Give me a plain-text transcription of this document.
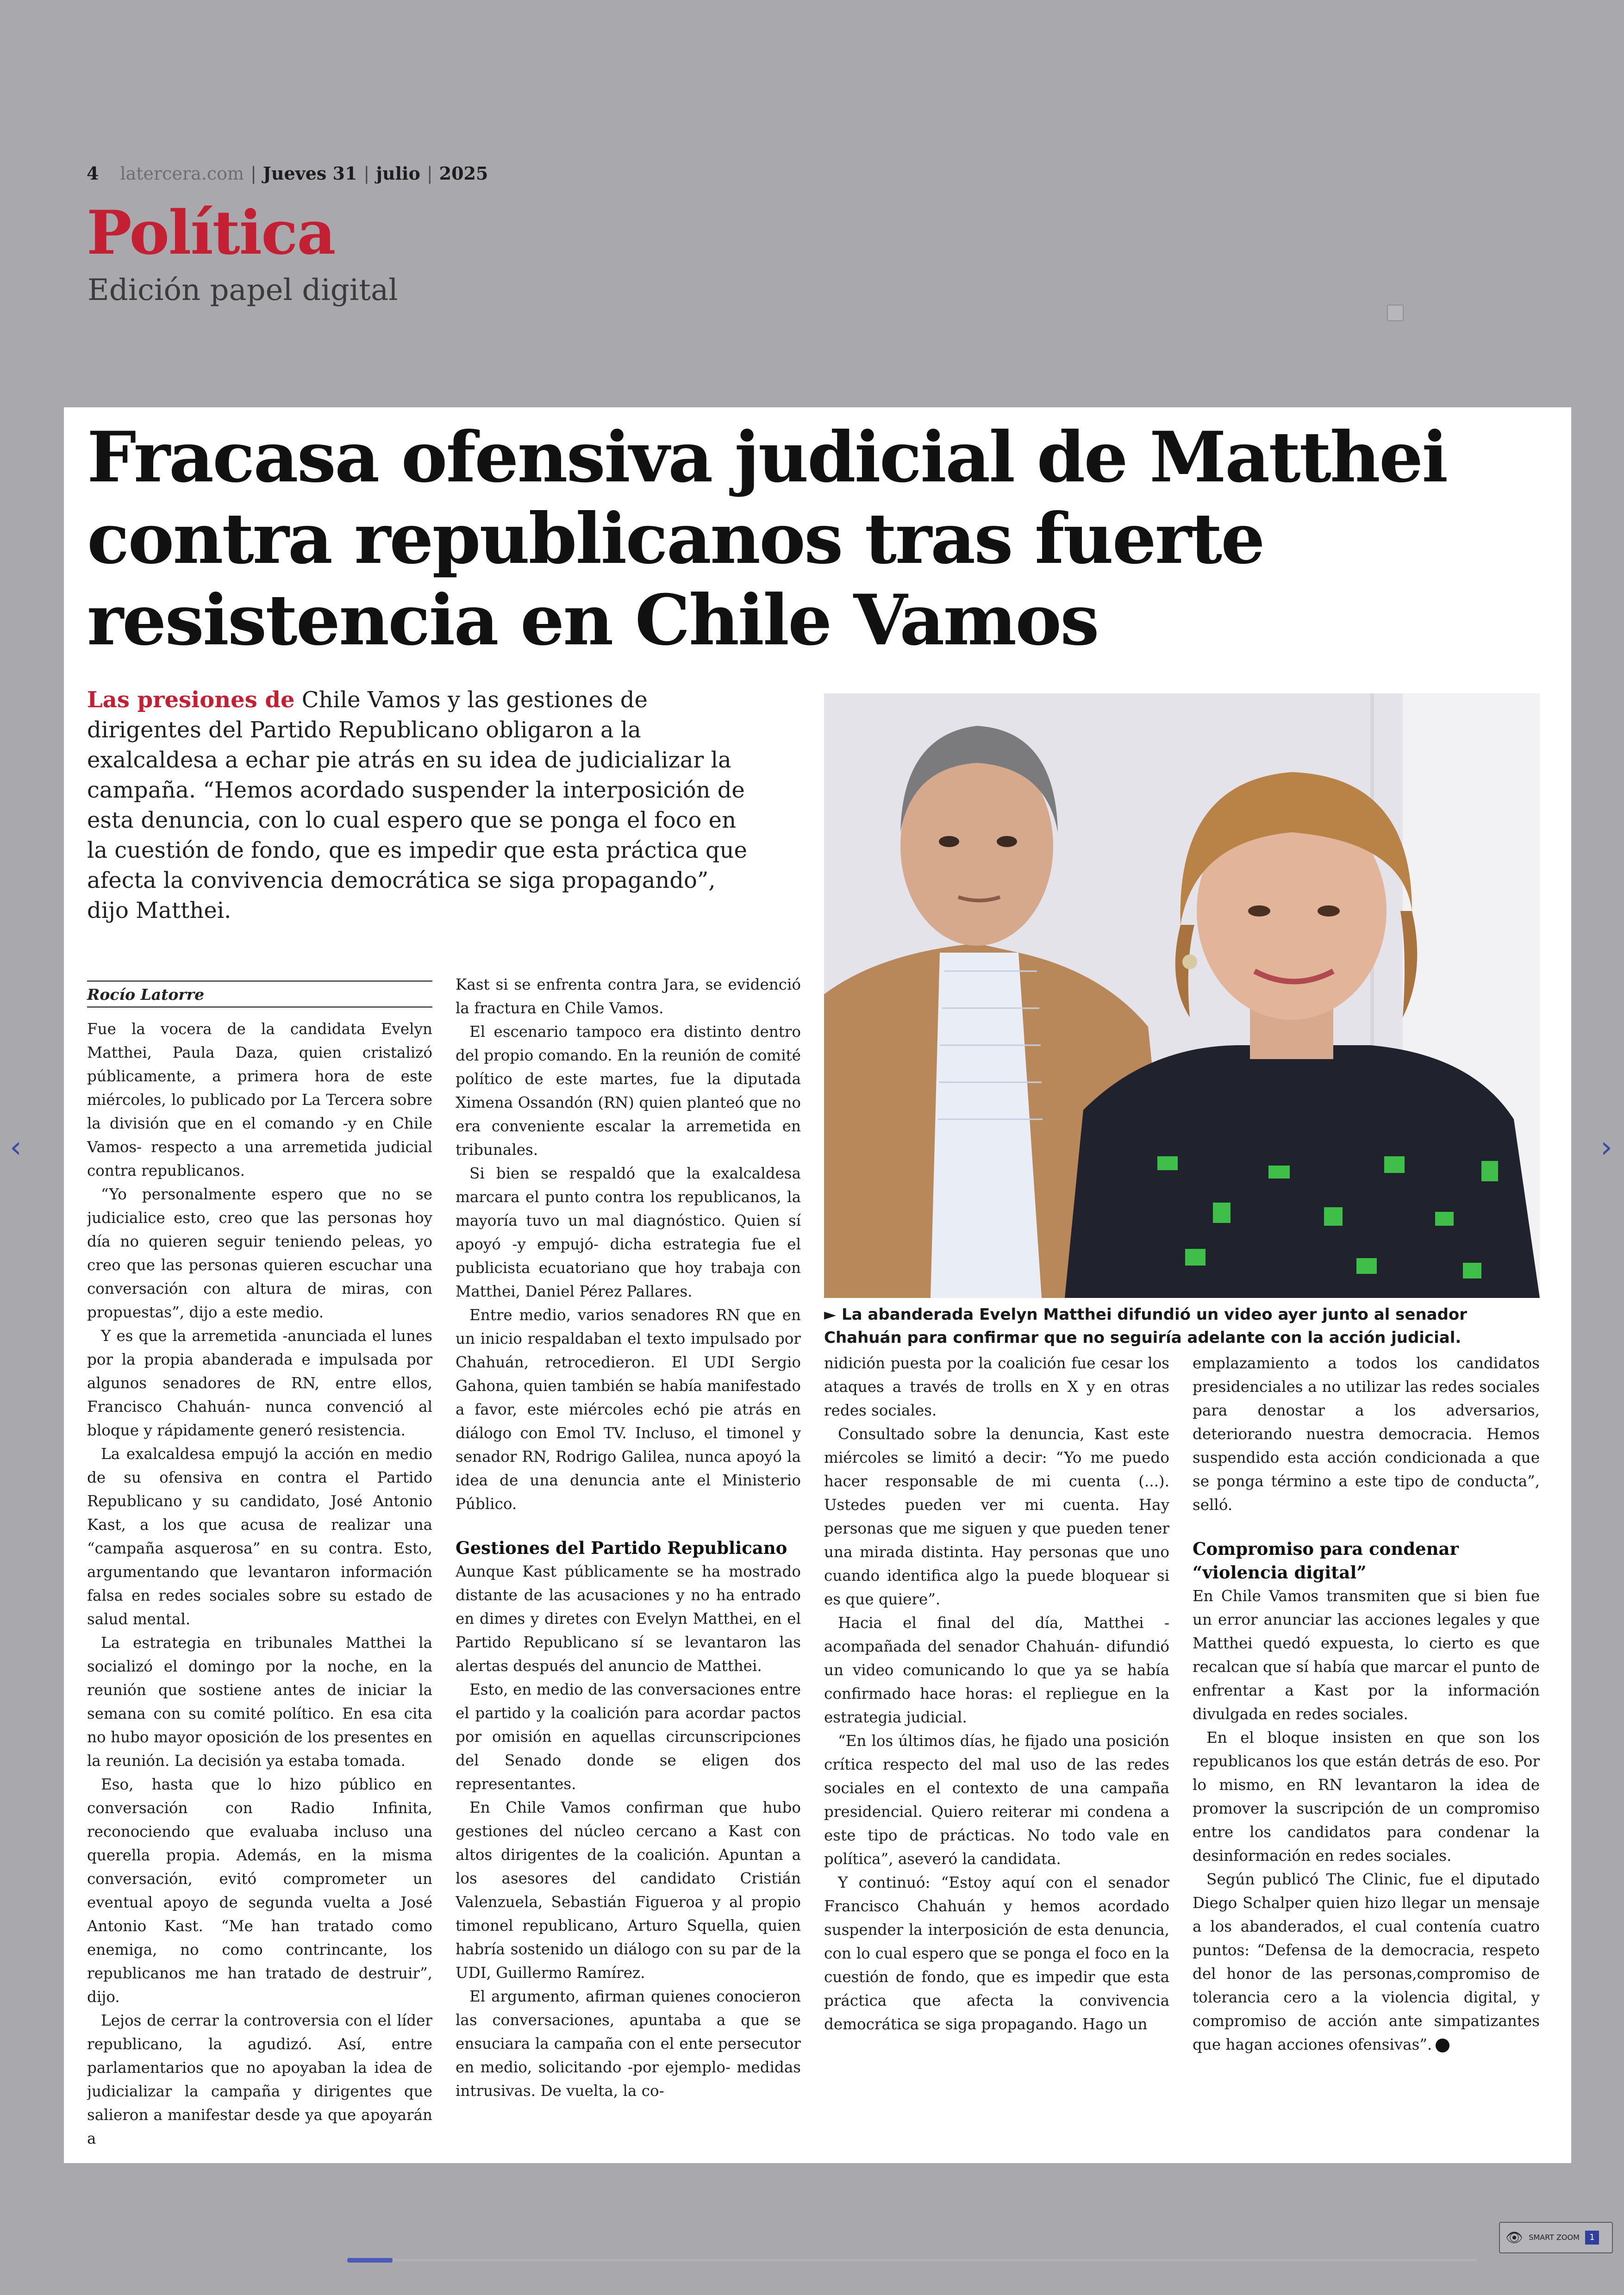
4 latercera.com | Jueves 31 | julio | 2025
Política
Edición papel digital
Fracasa ofensiva judicial de Matthei contra republicanos tras fuerte resistencia en Chile Vamos

Las presiones de Chile Vamos y las gestiones de dirigentes del Partido Republicano obligaron a la exalcaldesa a echar pie atrás en su idea de judicializar la campaña. “Hemos acordado suspender la interposición de esta denuncia, con lo cual espero que se ponga el foco en la cuestión de fondo, que es impedir que esta práctica que afecta la convivencia democrática se siga propagando”, dijo Matthei.

► La abanderada Evelyn Matthei difundió un video ayer junto al senador Chahuán para confirmar que no seguiría adelante con la acción judicial.

Rocío Latorre

Fue la vocera de la candidata Evelyn Matthei, Paula Daza, quien cristalizó públicamente, a primera hora de este miércoles, lo publicado por La Tercera sobre la división que en el comando -y en Chile Vamos- respecto a una arremetida judicial contra republicanos.

“Yo personalmente espero que no se judicialice esto, creo que las personas hoy día no quieren seguir teniendo peleas, yo creo que las personas quieren escuchar una conversación con altura de miras, con propuestas”, dijo a este medio.

Y es que la arremetida -anunciada el lunes por la propia abanderada e impulsada por algunos senadores de RN, entre ellos, Francisco Chahuán- nunca convenció al bloque y rápidamente generó resistencia.

La exalcaldesa empujó la acción en medio de su ofensiva en contra el Partido Republicano y su candidato, José Antonio Kast, a los que acusa de realizar una “campaña asquerosa” en su contra. Esto, argumentando que levantaron información falsa en redes sociales sobre su estado de salud mental.

La estrategia en tribunales Matthei la socializó el domingo por la noche, en la reunión que sostiene antes de iniciar la semana con su comité político. En esa cita no hubo mayor oposición de los presentes en la reunión. La decisión ya estaba tomada.

Eso, hasta que lo hizo público en conversación con Radio Infinita, reconociendo que evaluaba incluso una querella propia. Además, en la misma conversación, evitó comprometer un eventual apoyo de segunda vuelta a José Antonio Kast. “Me han tratado como enemiga, no como contrincante, los republicanos me han tratado de destruir”, dijo.

Lejos de cerrar la controversia con el líder republicano, la agudizó. Así, entre parlamentarios que no apoyaban la idea de judicializar la campaña y dirigentes que salieron a manifestar desde ya que apoyarán a

Kast si se enfrenta contra Jara, se evidenció la fractura en Chile Vamos.

El escenario tampoco era distinto dentro del propio comando. En la reunión de comité político de este martes, fue la diputada Ximena Ossandón (RN) quien planteó que no era conveniente escalar la arremetida en tribunales.

Si bien se respaldó que la exalcaldesa marcara el punto contra los republicanos, la mayoría tuvo un mal diagnóstico. Quien sí apoyó -y empujó- dicha estrategia fue el publicista ecuatoriano que hoy trabaja con Matthei, Daniel Pérez Pallares.

Entre medio, varios senadores RN que en un inicio respaldaban el texto impulsado por Chahuán, retrocedieron. El UDI Sergio Gahona, quien también se había manifestado a favor, este miércoles echó pie atrás en diálogo con Emol TV. Incluso, el timonel y senador RN, Rodrigo Galilea, nunca apoyó la idea de una denuncia ante el Ministerio Público.

Gestiones del Partido Republicano

Aunque Kast públicamente se ha mostrado distante de las acusaciones y no ha entrado en dimes y diretes con Evelyn Matthei, en el Partido Republicano sí se levantaron las alertas después del anuncio de Matthei.

Esto, en medio de las conversaciones entre el partido y la coalición para acordar pactos por omisión en aquellas circunscripciones del Senado donde se eligen dos representantes.

En Chile Vamos confirman que hubo gestiones del núcleo cercano a Kast con altos dirigentes de la coalición. Apuntan a los asesores del candidato Cristián Valenzuela, Sebastián Figueroa y al propio timonel republicano, Arturo Squella, quien habría sostenido un diálogo con su par de la UDI, Guillermo Ramírez.

El argumento, afirman quienes conocieron las conversaciones, apuntaba a que se ensuciara la campaña con el ente persecutor en medio, solicitando -por ejemplo- medidas intrusivas. De vuelta, la co-

nidición puesta por la coalición fue cesar los ataques a través de trolls en X y en otras redes sociales.

Consultado sobre la denuncia, Kast este miércoles se limitó a decir: “Yo me puedo hacer responsable de mi cuenta (...). Ustedes pueden ver mi cuenta. Hay personas que me siguen y que pueden tener una mirada distinta. Hay personas que uno cuando identifica algo la puede bloquear si es que quiere”.

Hacia el final del día, Matthei -acompañada del senador Chahuán- difundió un video comunicando lo que ya se había confirmado hace horas: el repliegue en la estrategia judicial.

“En los últimos días, he fijado una posición crítica respecto del mal uso de las redes sociales en el contexto de una campaña presidencial. Quiero reiterar mi condena a este tipo de prácticas. No todo vale en política”, aseveró la candidata.

Y continuó: “Estoy aquí con el senador Francisco Chahuán y hemos acordado suspender la interposición de esta denuncia, con lo cual espero que se ponga el foco en la cuestión de fondo, que es impedir que esta práctica que afecta la convivencia democrática se siga propagando. Hago un

emplazamiento a todos los candidatos presidenciales a no utilizar las redes sociales para denostar a los adversarios, deteriorando nuestra democracia. Hemos suspendido esta acción condicionada a que se ponga término a este tipo de conducta”, selló.

Compromiso para condenar “violencia digital”

En Chile Vamos transmiten que si bien fue un error anunciar las acciones legales y que Matthei quedó expuesta, lo cierto es que recalcan que sí había que marcar el punto de enfrentar a Kast por la información divulgada en redes sociales.

En el bloque insisten en que son los republicanos los que están detrás de eso. Por lo mismo, en RN levantaron la idea de promover la suscripción de un compromiso entre los candidatos para condenar la desinformación en redes sociales.

Según publicó The Clinic, fue el diputado Diego Schalper quien hizo llegar un mensaje a los abanderados, el cual contenía cuatro puntos: “Defensa de la democracia, respeto del honor de las personas,compromiso de tolerancia cero a la violencia digital, y compromiso de acción ante simpatizantes que hagan acciones ofensivas”.

‹	›
👁 SMART ZOOM	1
